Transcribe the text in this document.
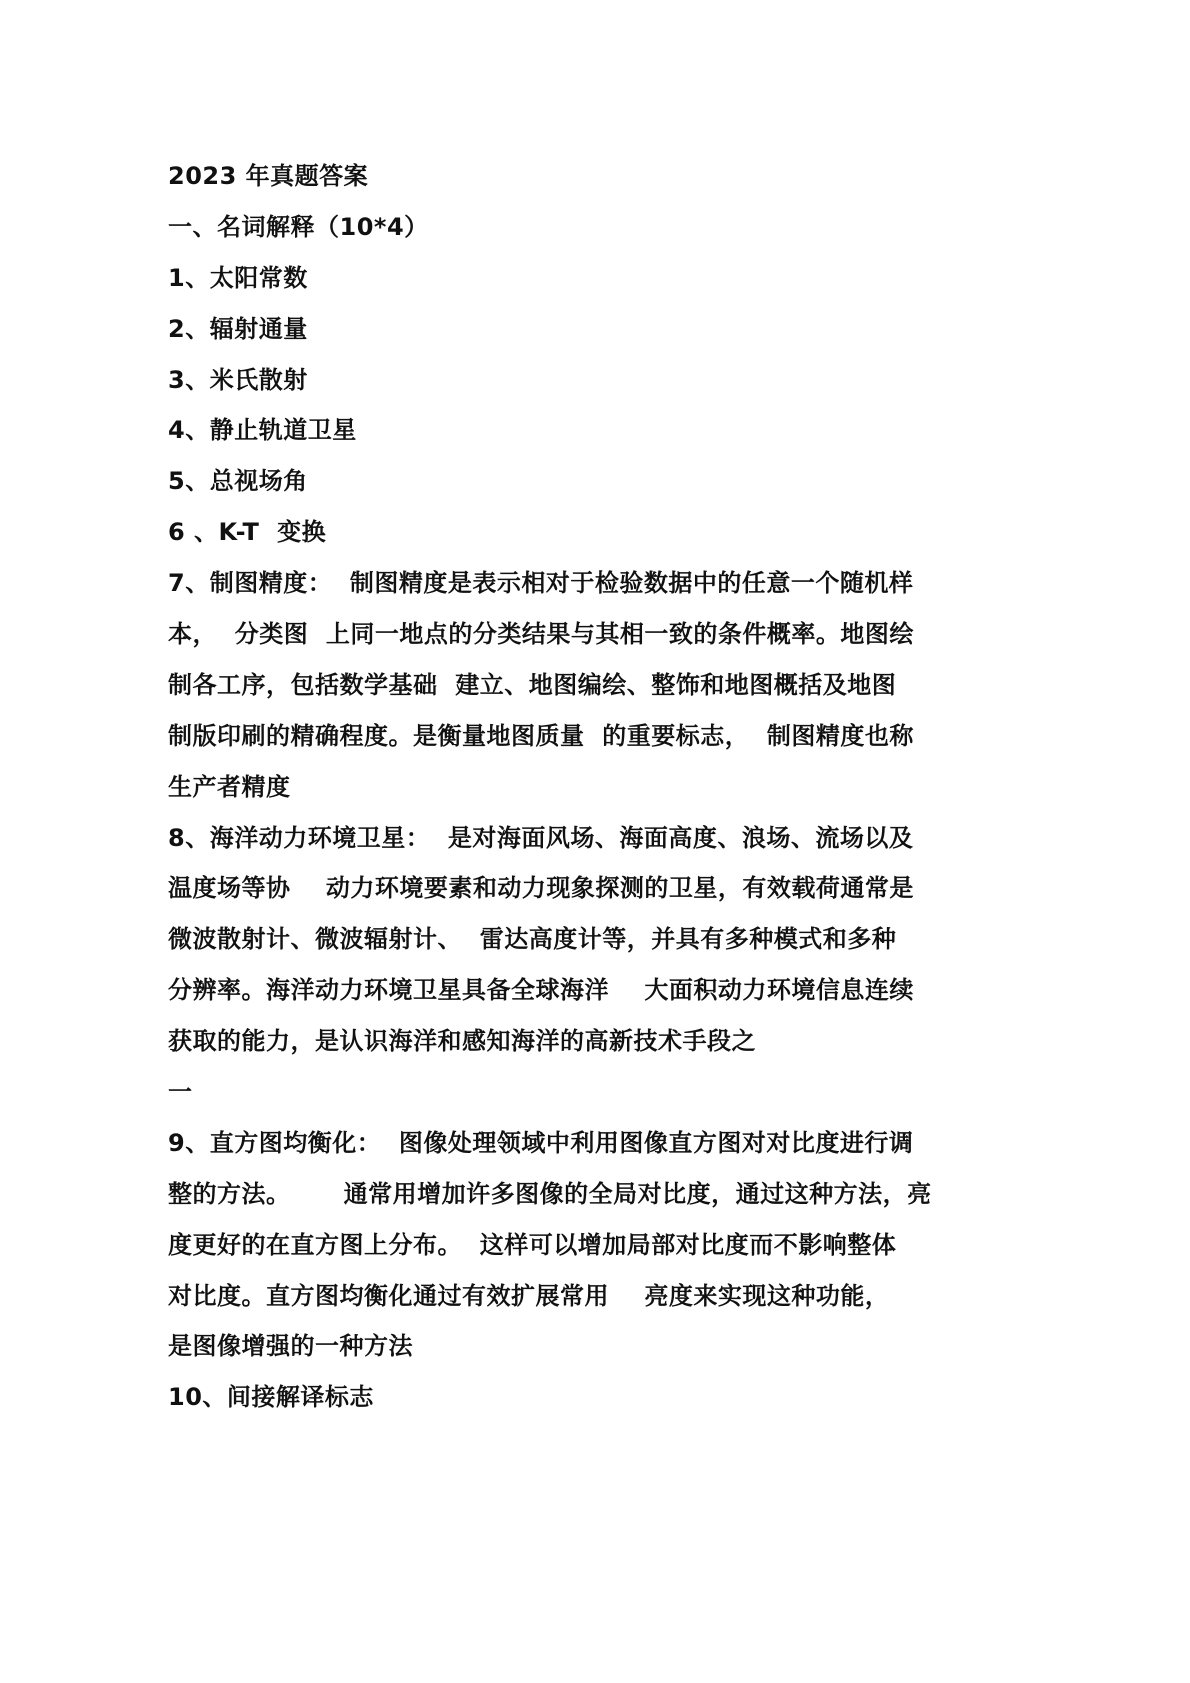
2023 年真题答案
一、名词解释（10*4）
1、太阳常数
2、辐射通量
3、米氏散射
4、静止轨道卫星
5、总视场角
6 、K-T  变换
7、制图精度：  制图精度是表示相对于检验数据中的任意一个随机样
本，  分类图  上同一地点的分类结果与其相一致的条件概率。地图绘
制各工序，包括数学基础  建立、地图编绘、整饰和地图概括及地图
制版印刷的精确程度。是衡量地图质量  的重要标志，  制图精度也称
生产者精度
8、海洋动力环境卫星：  是对海面风场、海面高度、浪场、流场以及
温度场等协    动力环境要素和动力现象探测的卫星，有效载荷通常是
微波散射计、微波辐射计、  雷达高度计等，并具有多种模式和多种
分辨率。海洋动力环境卫星具备全球海洋    大面积动力环境信息连续
获取的能力，是认识海洋和感知海洋的高新技术手段之
一
9、直方图均衡化：  图像处理领域中利用图像直方图对对比度进行调
整的方法。      通常用增加许多图像的全局对比度，通过这种方法，亮
度更好的在直方图上分布。  这样可以增加局部对比度而不影响整体
对比度。直方图均衡化通过有效扩展常用    亮度来实现这种功能，
是图像增强的一种方法
10、间接解译标志
